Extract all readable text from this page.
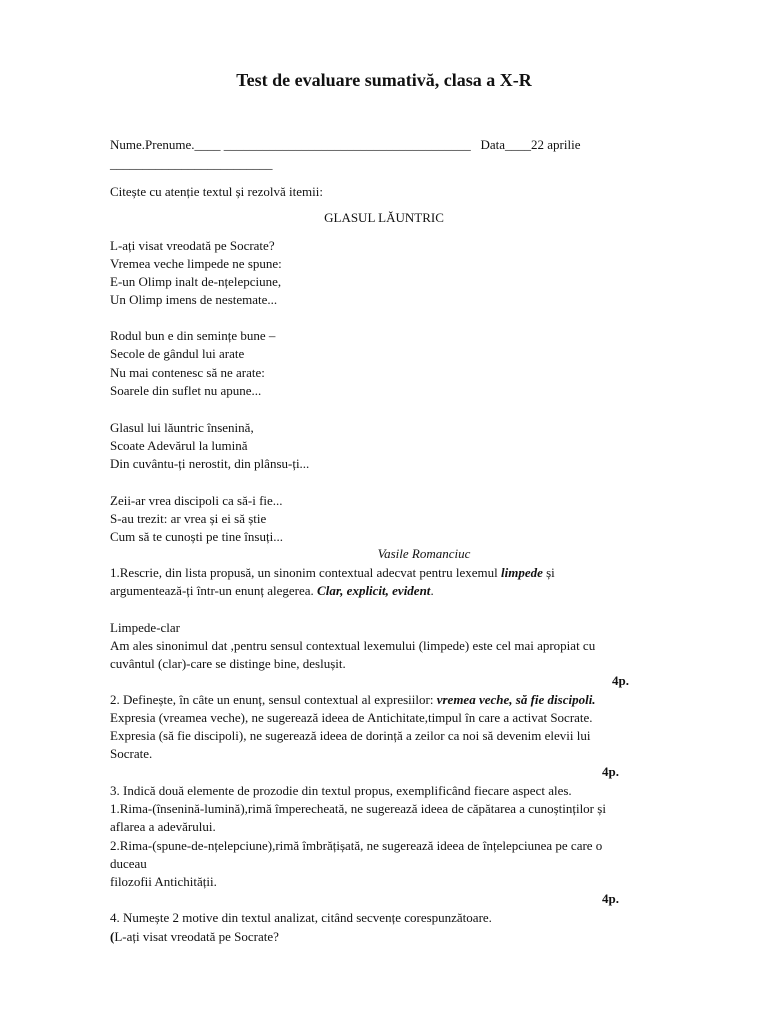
Test de evaluare sumativă, clasa a X-R
Nume.Prenume.____ ______________________________________ Data____22 aprilie
_________________________
Citește cu atenție textul și rezolvă itemii:
GLASUL LĂUNTRIC
L-ați visat vreodată pe Socrate?
Vremea veche limpede ne spune:
E-un Olimp inalt de-nțelepciune,
Un Olimp imens de nestemate...
Rodul bun e din semințe bune –
Secole de gândul lui arate
Nu mai contenesc să ne arate:
Soarele din suflet nu apune...
Glasul lui lăuntric însenină,
Scoate Adevărul la lumină
Din cuvântu-ți nerostit, din plânsu-ți...
Zeii-ar vrea discipoli ca să-i fie...
S-au trezit: ar vrea și ei să știe
Cum să te cunoști pe tine însuți...
Vasile Romanciuc
1.Rescrie, din lista propusă, un sinonim contextual adecvat pentru lexemul limpede și
argumentează-ți într-un enunț alegerea. Clar, explicit, evident.
Limpede-clar
Am ales sinonimul dat ,pentru sensul contextual lexemului (limpede) este cel mai apropiat cu
cuvântul (clar)-care se distinge bine, deslușit.
4p.
2. Definește, în câte un enunț, sensul contextual al expresiilor: vremea veche, să fie discipoli.
Expresia (vreamea veche), ne sugerează ideea de Antichitate,timpul în care a activat Socrate.
Expresia (să fie discipoli), ne sugerează ideea de dorință a zeilor ca noi să devenim elevii lui
Socrate.
4p.
3. Indică două elemente de prozodie din textul propus, exemplificând fiecare aspect ales.
1.Rima-(însenină-lumină),rimă împerecheată, ne sugerează ideea de căpătarea a cunoștinților și
aflarea a adevărului.
2.Rima-(spune-de-nțelepciune),rimă îmbrățișată, ne sugerează ideea de înțelepciunea pe care o
duceau
filozofii Antichității.
4p.
4. Numește 2 motive din textul analizat, citând secvențe corespunzătoare.
(L-ați visat vreodată pe Socrate?
